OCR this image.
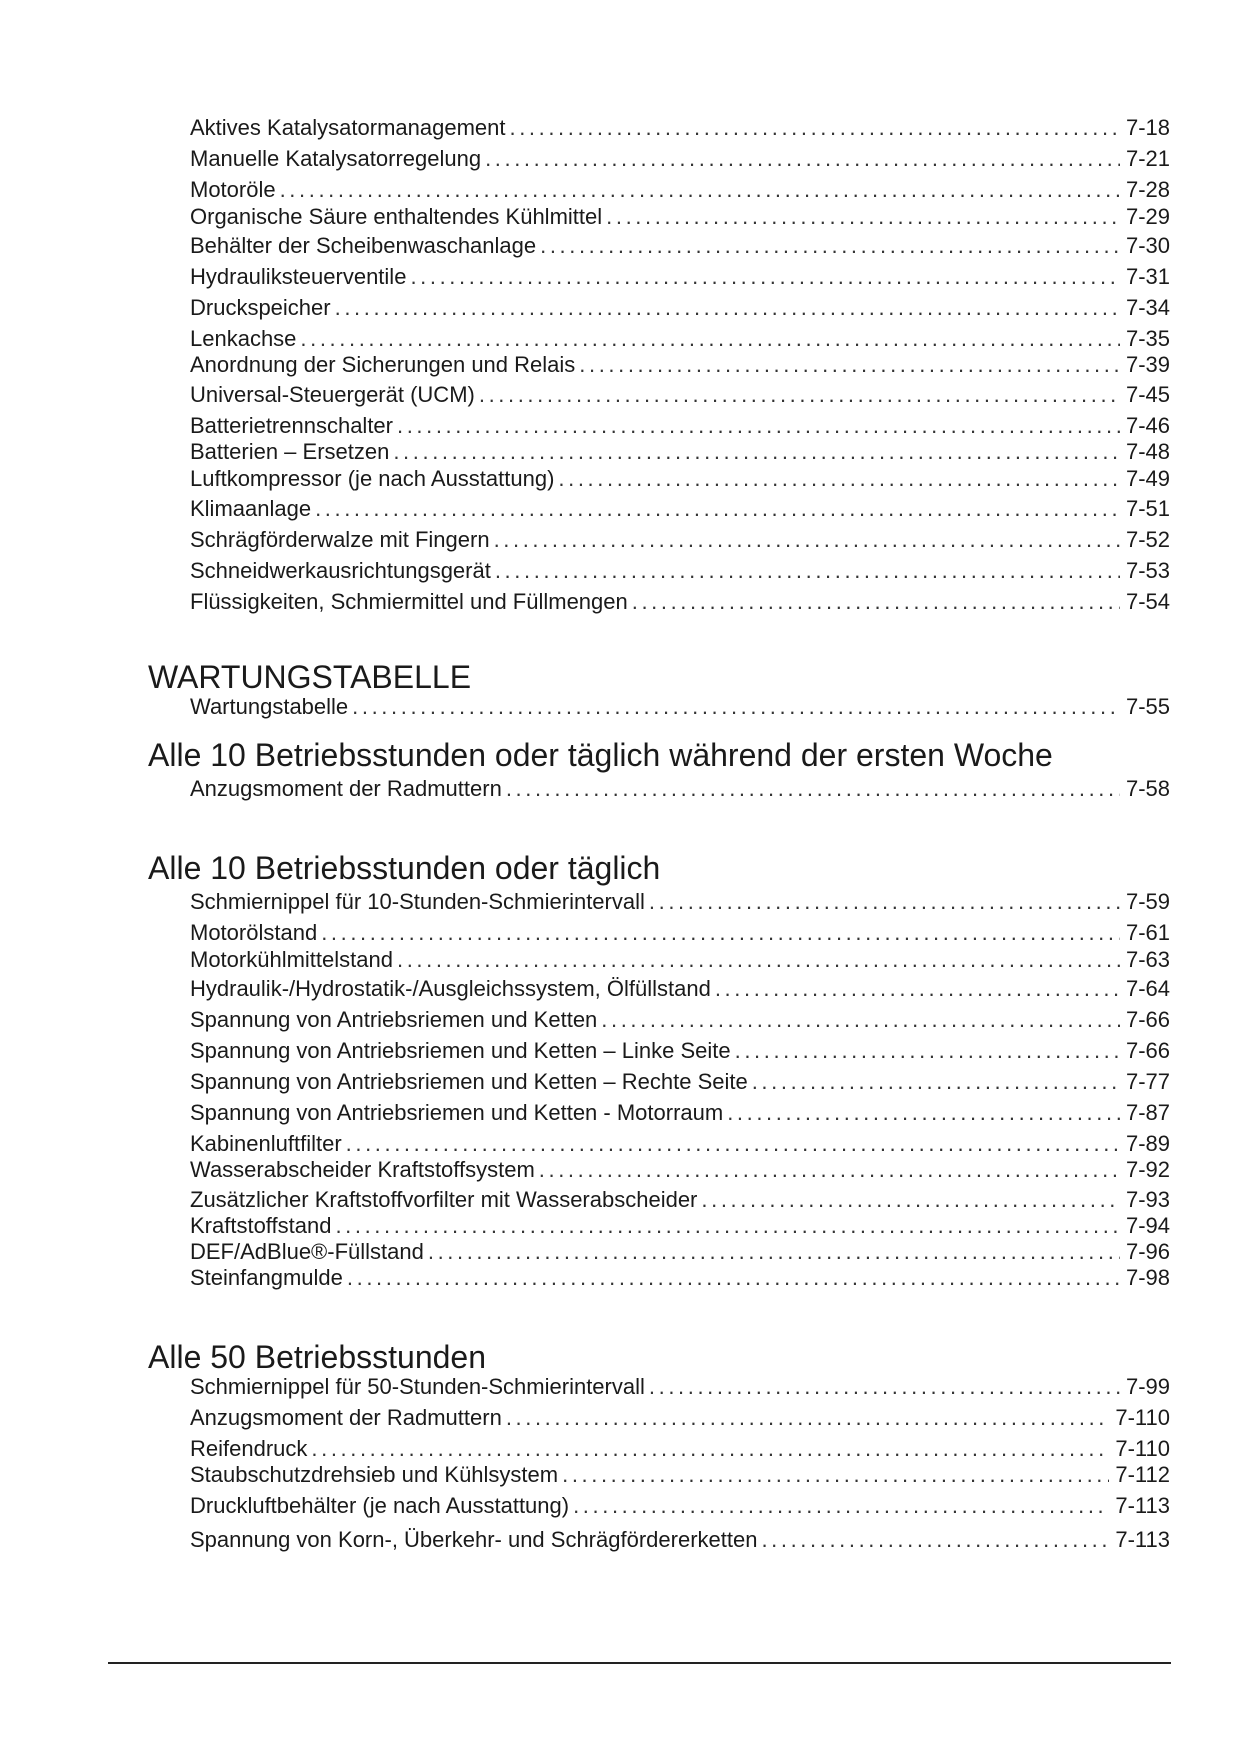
Aktives Katalysatormanagement .....	7-18
Manuelle Katalysatorregelung .....	7-21
Motoröle .....	7-28
Organische Säure enthaltendes Kühlmittel .....	7-29
Behälter der Scheibenwaschanlage .....	7-30
Hydrauliksteuerventile .....	7-31
Druckspeicher .....	7-34
Lenkachse .....	7-35
Anordnung der Sicherungen und Relais .....	7-39
Universal-Steuergerät (UCM) .....	7-45
Batterietrennschalter .....	7-46
Batterien – Ersetzen .....	7-48
Luftkompressor (je nach Ausstattung) .....	7-49
Klimaanlage .....	7-51
Schrägförderwalze mit Fingern .....	7-52
Schneidwerkausrichtungsgerät .....	7-53
Flüssigkeiten, Schmiermittel und Füllmengen .....	7-54
WARTUNGSTABELLE
Wartungstabelle .....	7-55
Alle 10 Betriebsstunden oder täglich während der ersten Woche
Anzugsmoment der Radmuttern .....	7-58
Alle 10 Betriebsstunden oder täglich
Schmiernippel für 10-Stunden-Schmierintervall .....	7-59
Motorölstand .....	7-61
Motorkühlmittelstand .....	7-63
Hydraulik-/Hydrostatik-/Ausgleichssystem, Ölfüllstand .....	7-64
Spannung von Antriebsriemen und Ketten .....	7-66
Spannung von Antriebsriemen und Ketten – Linke Seite .....	7-66
Spannung von Antriebsriemen und Ketten – Rechte Seite .....	7-77
Spannung von Antriebsriemen und Ketten - Motorraum .....	7-87
Kabinenluftfilter .....	7-89
Wasserabscheider Kraftstoffsystem .....	7-92
Zusätzlicher Kraftstoffvorfilter mit Wasserabscheider .....	7-93
Kraftstoffstand .....	7-94
DEF/AdBlue®-Füllstand .....	7-96
Steinfangmulde .....	7-98
Alle 50 Betriebsstunden
Schmiernippel für 50-Stunden-Schmierintervall .....	7-99
Anzugsmoment der Radmuttern .....	7-110
Reifendruck .....	7-110
Staubschutzdrehsieb und Kühlsystem .....	7-112
Druckluftbehälter (je nach Ausstattung) .....	7-113
Spannung von Korn-, Überkehr- und Schrägfördererketten .....	7-113
